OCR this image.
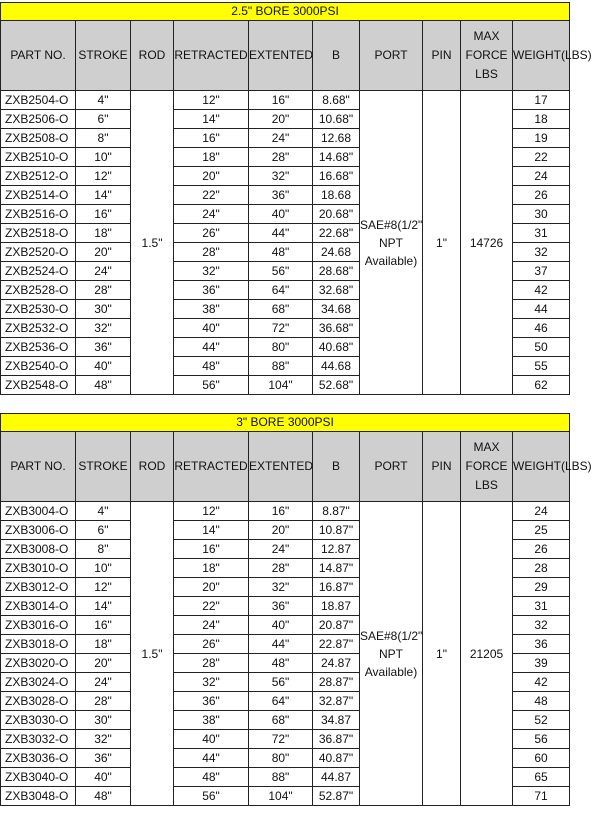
2.5" BORE 3000PSI									
PART NO.	STROKE	ROD	RETRACTED	EXTENTED	B	PORT	PIN	MAX FORCE LBS	WEIGHT(LBS)
ZXB2504-O	4"	1.5"	12"	16"	8.68"	SAE#8(1/2" NPT Available)	1"	14726	17
ZXB2506-O	6"		14"	20"	10.68"				18
ZXB2508-O	8"		16"	24"	12.68				19
ZXB2510-O	10"		18"	28"	14.68"				22
ZXB2512-O	12"		20"	32"	16.68"				24
ZXB2514-O	14"		22"	36"	18.68				26
ZXB2516-O	16"		24"	40"	20.68"				30
ZXB2518-O	18"		26"	44"	22.68"				31
ZXB2520-O	20"		28"	48"	24.68				32
ZXB2524-O	24"		32"	56"	28.68"				37
ZXB2528-O	28"		36"	64"	32.68"				42
ZXB2530-O	30"		38"	68"	34.68				44
ZXB2532-O	32"		40"	72"	36.68"				46
ZXB2536-O	36"		44"	80"	40.68"				50
ZXB2540-O	40"		48"	88"	44.68				55
ZXB2548-O	48"		56"	104"	52.68"				62
3" BORE 3000PSI									
PART NO.	STROKE	ROD	RETRACTED	EXTENTED	B	PORT	PIN	MAX FORCE LBS	WEIGHT(LBS)
ZXB3004-O	4"	1.5"	12"	16"	8.87"	SAE#8(1/2" NPT Available)	1"	21205	24
ZXB3006-O	6"		14"	20"	10.87"				25
ZXB3008-O	8"		16"	24"	12.87				26
ZXB3010-O	10"		18"	28"	14.87"				28
ZXB3012-O	12"		20"	32"	16.87"				29
ZXB3014-O	14"		22"	36"	18.87				31
ZXB3016-O	16"		24"	40"	20.87"				32
ZXB3018-O	18"		26"	44"	22.87"				36
ZXB3020-O	20"		28"	48"	24.87				39
ZXB3024-O	24"		32"	56"	28.87"				42
ZXB3028-O	28"		36"	64"	32.87"				48
ZXB3030-O	30"		38"	68"	34.87				52
ZXB3032-O	32"		40"	72"	36.87"				56
ZXB3036-O	36"		44"	80"	40.87"				60
ZXB3040-O	40"		48"	88"	44.87				65
ZXB3048-O	48"		56"	104"	52.87"				71
